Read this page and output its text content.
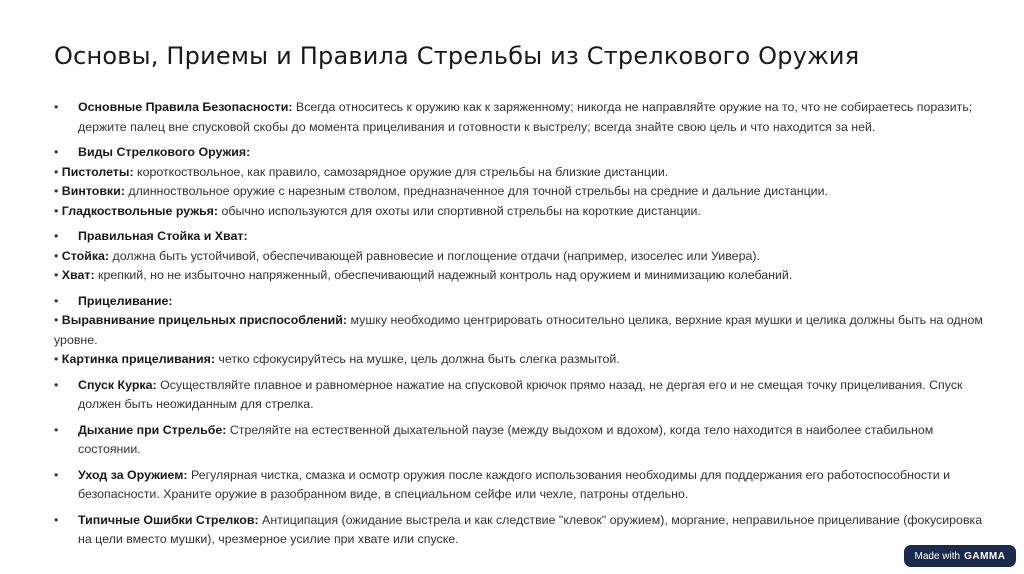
Основы, Приемы и Правила Стрельбы из Стрелкового Оружия
•	Основные Правила Безопасности: Всегда относитесь к оружию как к заряженному; никогда не направляйте оружие на то, что не собираетесь поразить; держите палец вне спусковой скобы до момента прицеливания и готовности к выстрелу; всегда знайте свою цель и что находится за ней.
•	Виды Стрелкового Оружия:
• Пистолеты: короткоствольное, как правило, самозарядное оружие для стрельбы на близкие дистанции.
• Винтовки: длинноствольное оружие с нарезным стволом, предназначенное для точной стрельбы на средние и дальние дистанции.
• Гладкоствольные ружья: обычно используются для охоты или спортивной стрельбы на короткие дистанции.
•	Правильная Стойка и Хват:
• Стойка: должна быть устойчивой, обеспечивающей равновесие и поглощение отдачи (например, изоселес или Уивера).
• Хват: крепкий, но не избыточно напряженный, обеспечивающий надежный контроль над оружием и минимизацию колебаний.
•	Прицеливание:
• Выравнивание прицельных приспособлений: мушку необходимо центрировать относительно целика, верхние края мушки и целика должны быть на одном уровне.
• Картинка прицеливания: четко сфокусируйтесь на мушке, цель должна быть слегка размытой.
•	Спуск Курка: Осуществляйте плавное и равномерное нажатие на спусковой крючок прямо назад, не дергая его и не смещая точку прицеливания. Спуск должен быть неожиданным для стрелка.
•	Дыхание при Стрельбе: Стреляйте на естественной дыхательной паузе (между выдохом и вдохом), когда тело находится в наиболее стабильном состоянии.
•	Уход за Оружием: Регулярная чистка, смазка и осмотр оружия после каждого использования необходимы для поддержания его работоспособности и безопасности. Храните оружие в разобранном виде, в специальном сейфе или чехле, патроны отдельно.
•	Типичные Ошибки Стрелков: Антиципация (ожидание выстрела и как следствие "клевок" оружием), моргание, неправильное прицеливание (фокусировка на цели вместо мушки), чрезмерное усилие при хвате или спуске.
Made with GAMMA
